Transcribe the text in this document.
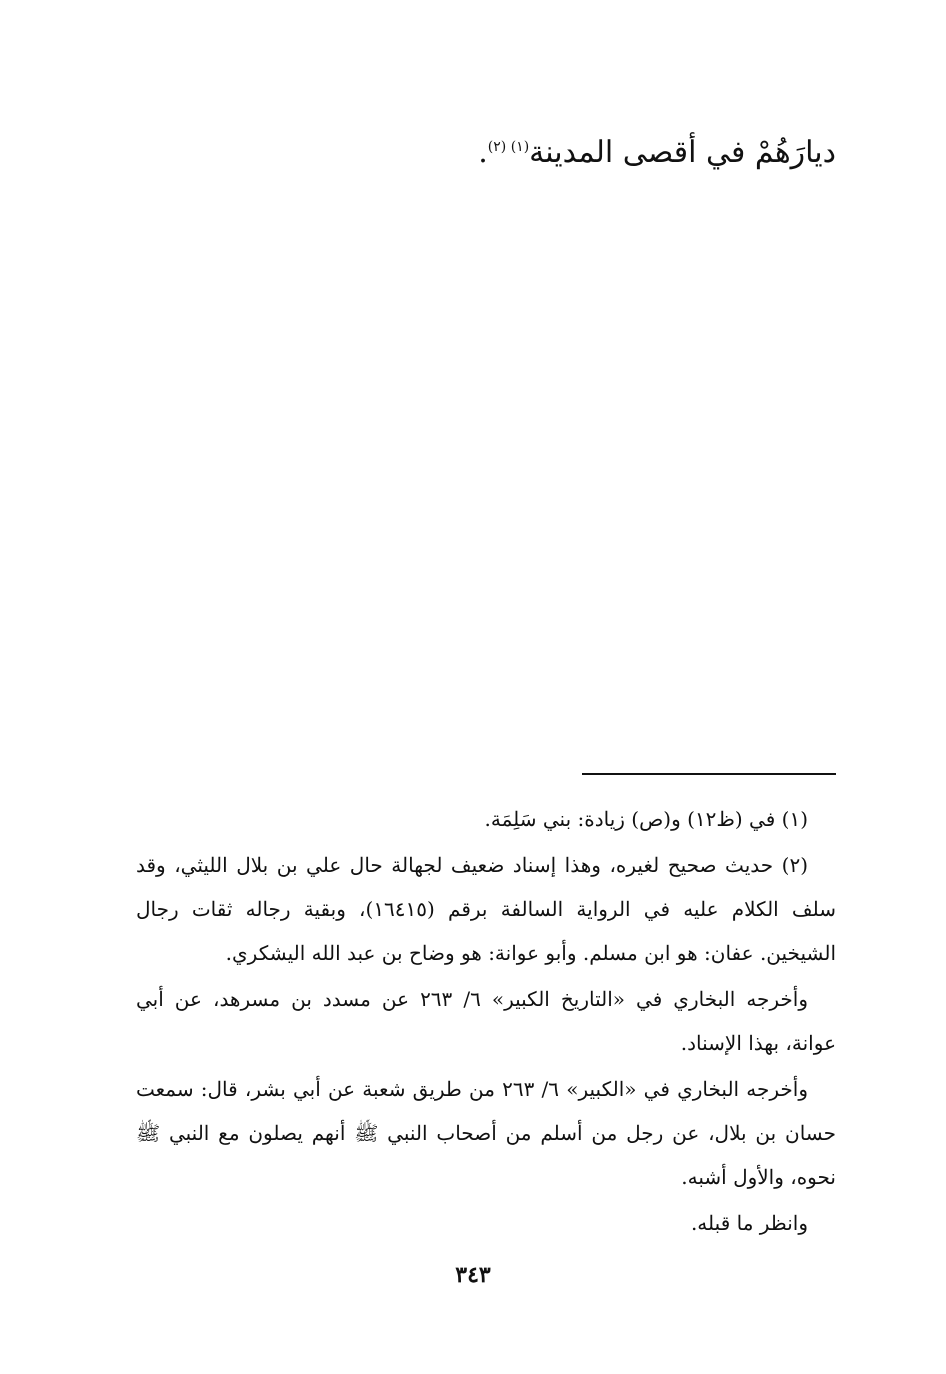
ديارَهُمْ في أقصى المدينة$^{(١) (٢)}$.

(١) في (ظ١٢) و(ص) زيادة: بني سَلِمَة.

(٢) حديث صحيح لغيره، وهذا إسناد ضعيف لجهالة حال علي بن بلال الليثي، وقد سلف الكلام عليه في الرواية السالفة برقم (١٦٤١٥)، وبقية رجاله ثقات رجال الشيخين. عفان: هو ابن مسلم. وأبو عوانة: هو وضاح بن عبد الله اليشكري.

وأخرجه البخاري في «التاريخ الكبير» ٦/ ٢٦٣ عن مسدد بن مسرهد، عن أبي عوانة، بهذا الإسناد.

وأخرجه البخاري في «الكبير» ٦/ ٢٦٣ من طريق شعبة عن أبي بشر، قال: سمعت حسان بن بلال، عن رجل من أسلم من أصحاب النبي ﷺ أنهم يصلون مع النبي ﷺ نحوه، والأول أشبه.

وانظر ما قبله.

٣٤٣
